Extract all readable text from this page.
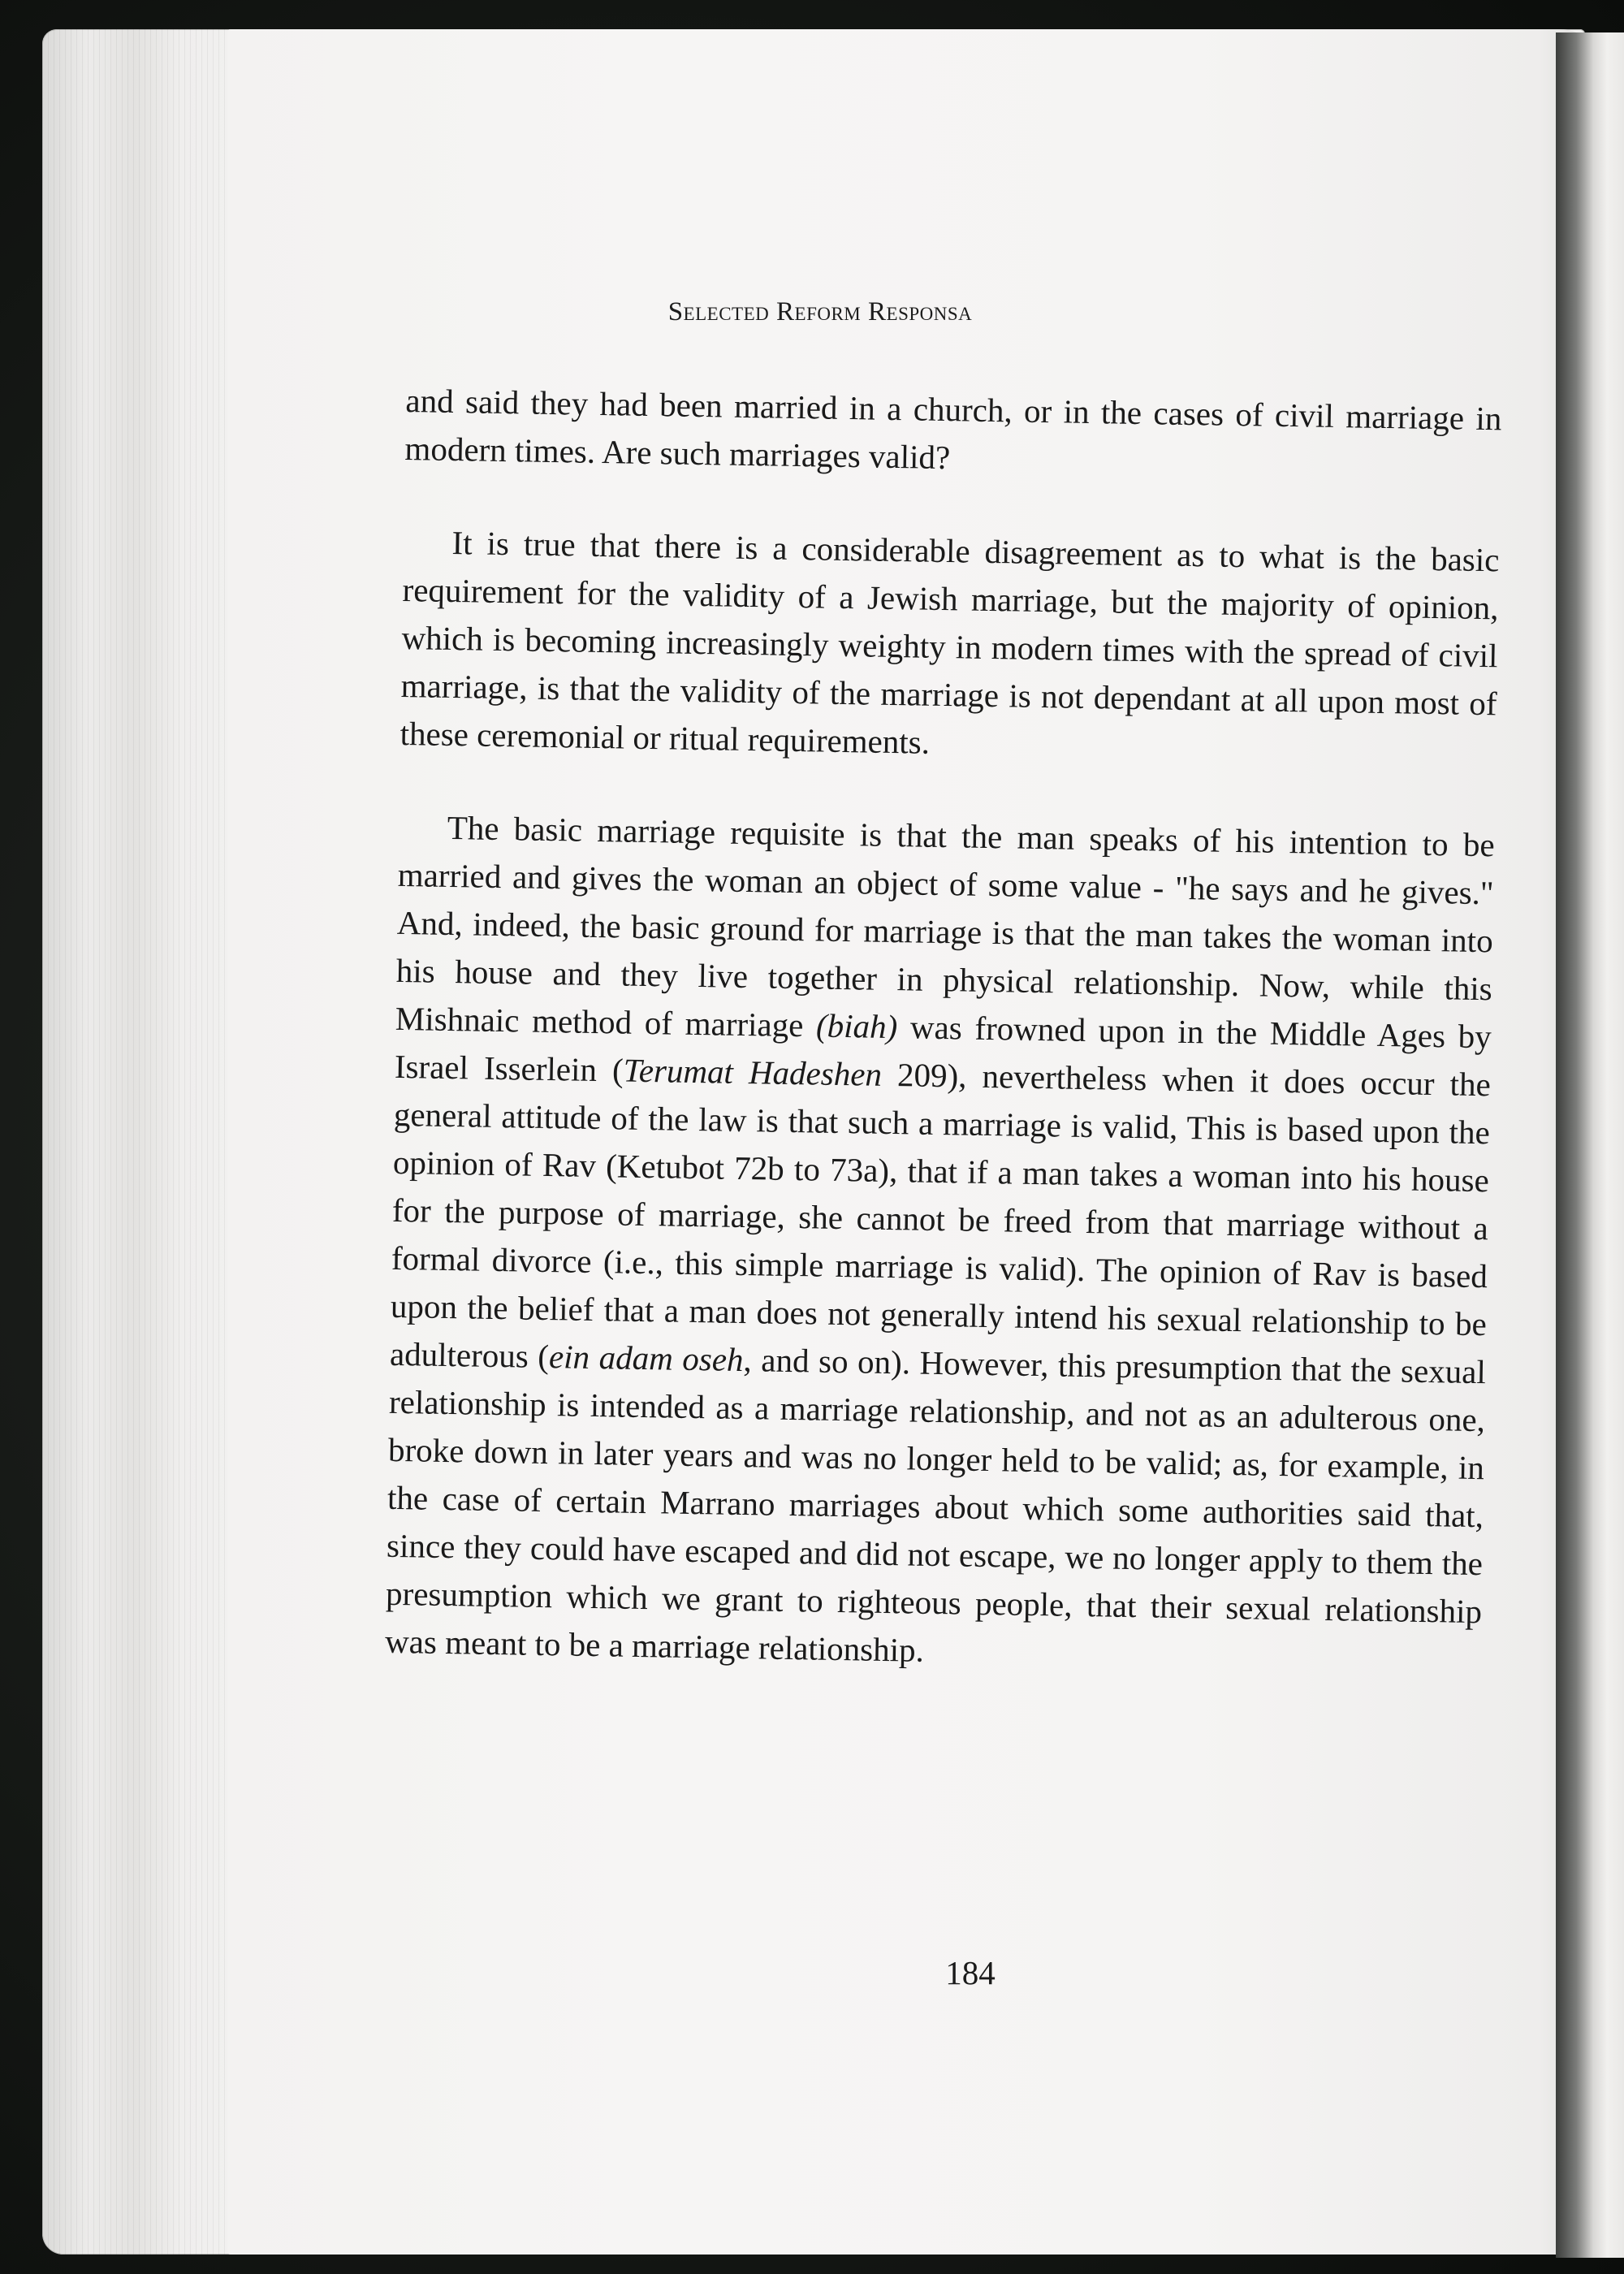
Selected Reform Responsa

and said they had been married in a church, or in the cases of civil marriage in modern times. Are such marriages valid?

It is true that there is a considerable disagreement as to what is the basic requirement for the validity of a Jewish marriage, but the majority of opinion, which is becoming increasingly weighty in modern times with the spread of civil marriage, is that the validity of the marriage is not dependant at all upon most of these ceremonial or ritual requirements.

The basic marriage requisite is that the man speaks of his intention to be married and gives the woman an object of some value - "he says and he gives." And, indeed, the basic ground for marriage is that the man takes the woman into his house and they live together in physical relationship. Now, while this Mishnaic method of marriage (biah) was frowned upon in the Middle Ages by Israel Isserlein (Terumat Hadeshen 209), nevertheless when it does occur the general attitude of the law is that such a marriage is valid, This is based upon the opinion of Rav (Ketubot 72b to 73a), that if a man takes a woman into his house for the purpose of marriage, she cannot be freed from that marriage without a formal divorce (i.e., this simple marriage is valid). The opinion of Rav is based upon the belief that a man does not generally intend his sexual relationship to be adulterous (ein adam oseh, and so on). However, this presumption that the sexual relationship is intended as a marriage relationship, and not as an adulterous one, broke down in later years and was no longer held to be valid; as, for example, in the case of certain Marrano marriages about which some authorities said that, since they could have escaped and did not escape, we no longer apply to them the presumption which we grant to righteous people, that their sexual relationship was meant to be a marriage relationship.

184
